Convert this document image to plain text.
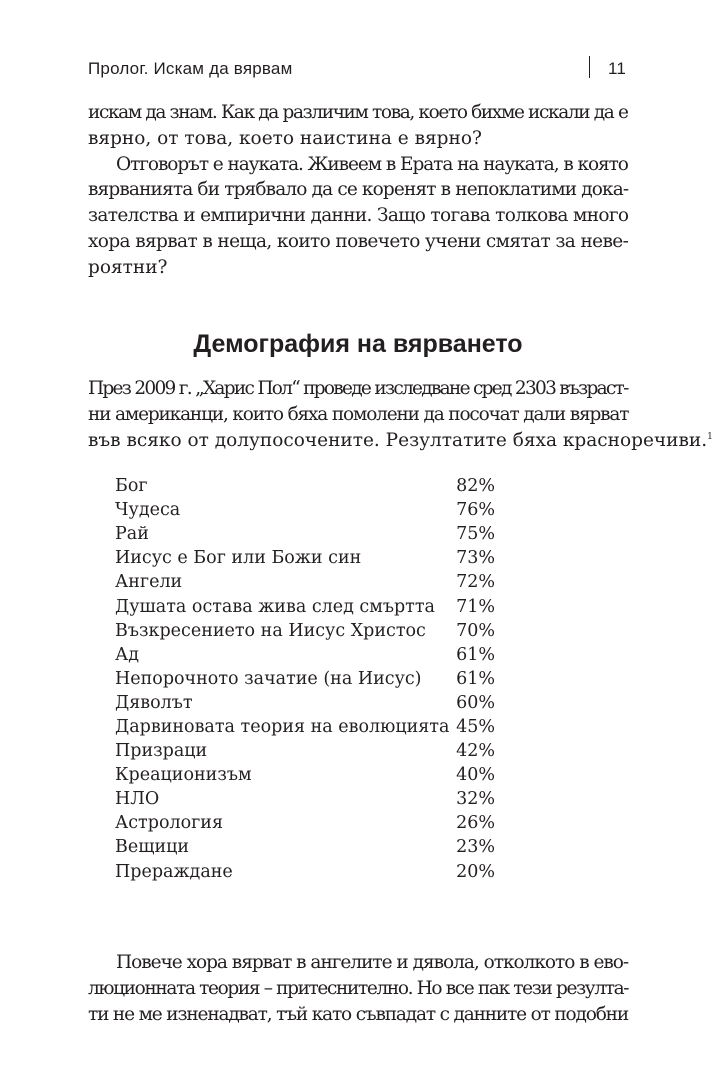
Пролог. Искам да вярвам	11

искам да знам. Как да различим това, което бихме искали да е
вярно, от това, което наистина е вярно?
Отговорът е науката. Живеем в Ерата на науката, в която
вярванията би трябвало да се коренят в непоклатими дока-
зателства и емпирични данни. Защо тогава толкова много
хора вярват в неща, които повечето учени смятат за неве-
роятни?

Демография на вярването

През 2009 г. „Харис Пол“ проведе изследване сред 2303 възраст-
ни американци, които бяха помолени да посочат дали вярват
във всяко от долупосочените. Резултатите бяха красноречиви.$^1$

Бог	82%
Чудеса	76%
Рай	75%
Иисус е Бог или Божи син	73%
Ангели	72%
Душата остава жива след смъртта	71%
Възкресението на Иисус Христос	70%
Ад	61%
Непорочното зачатие (на Иисус)	61%
Дяволът	60%
Дарвиновата теория на еволюцията	45%
Призраци	42%
Креационизъм	40%
НЛО	32%
Астрология	26%
Вещици	23%
Прераждане	20%

Повече хора вярват в ангелите и дявола, отколкото в ево-
люционната теория – притеснително. Но все пак тези резулта-
ти не ме изненадват, тъй като съвпадат с данните от подобни
